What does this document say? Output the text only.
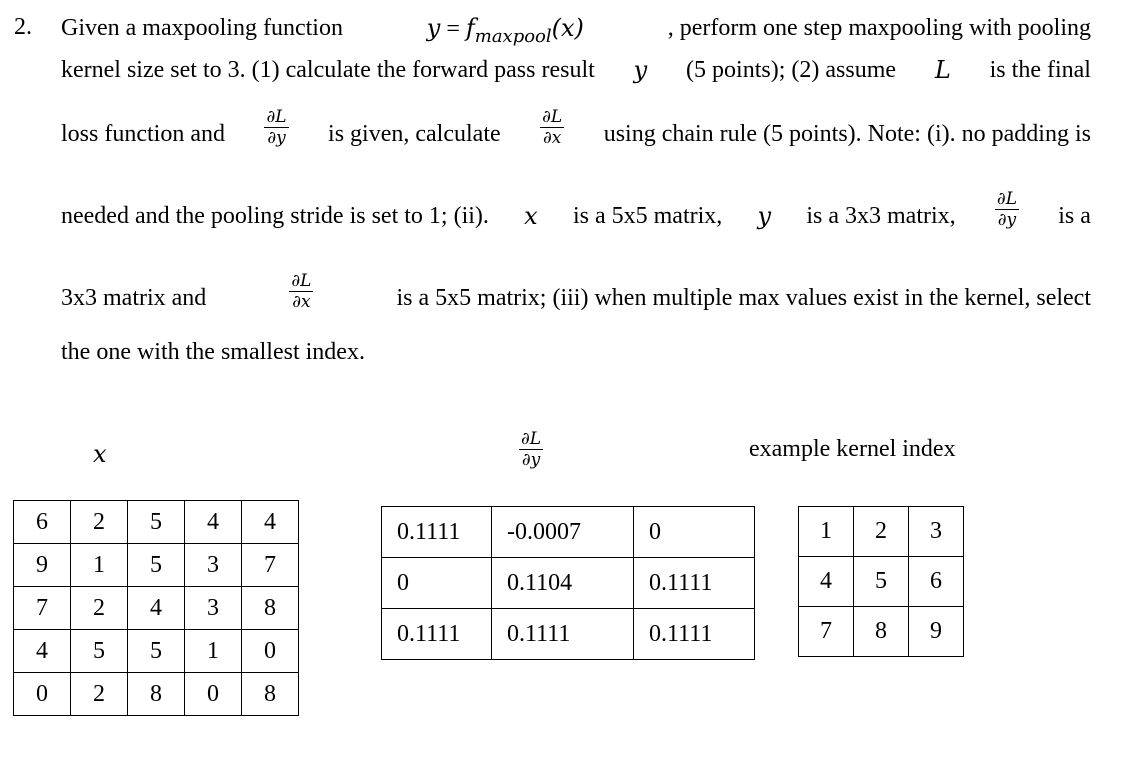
2. Given a maxpooling function	$y = f_{maxpool}(x)$	, perform one step maxpooling with pooling
kernel size set to 3. (1) calculate the forward pass result y (5 points); (2) assume L is the final
loss function and $\frac{\partial L}{\partial y}$ is given, calculate $\frac{\partial L}{\partial x}$ using chain rule (5 points). Note: (i). no padding is
needed and the pooling stride is set to 1; (ii). x is a 5x5 matrix, y is a 3x3 matrix, $\frac{\partial L}{\partial y}$ is a
3x3 matrix and	$\frac{\partial L}{\partial x}$	is a 5x5 matrix; (iii) when multiple max values exist in the kernel, select
the one with the smallest index.
x	$\frac{\partial L}{\partial y}$	example kernel index
6	2	5	4	4
9	1	5	3	7
7	2	4	3	8
4	5	5	1	0
0	2	8	0	8
0.1111	-0.0007	0
0	0.1104	0.1111
0.1111	0.1111	0.1111
1	2	3
4	5	6
7	8	9
